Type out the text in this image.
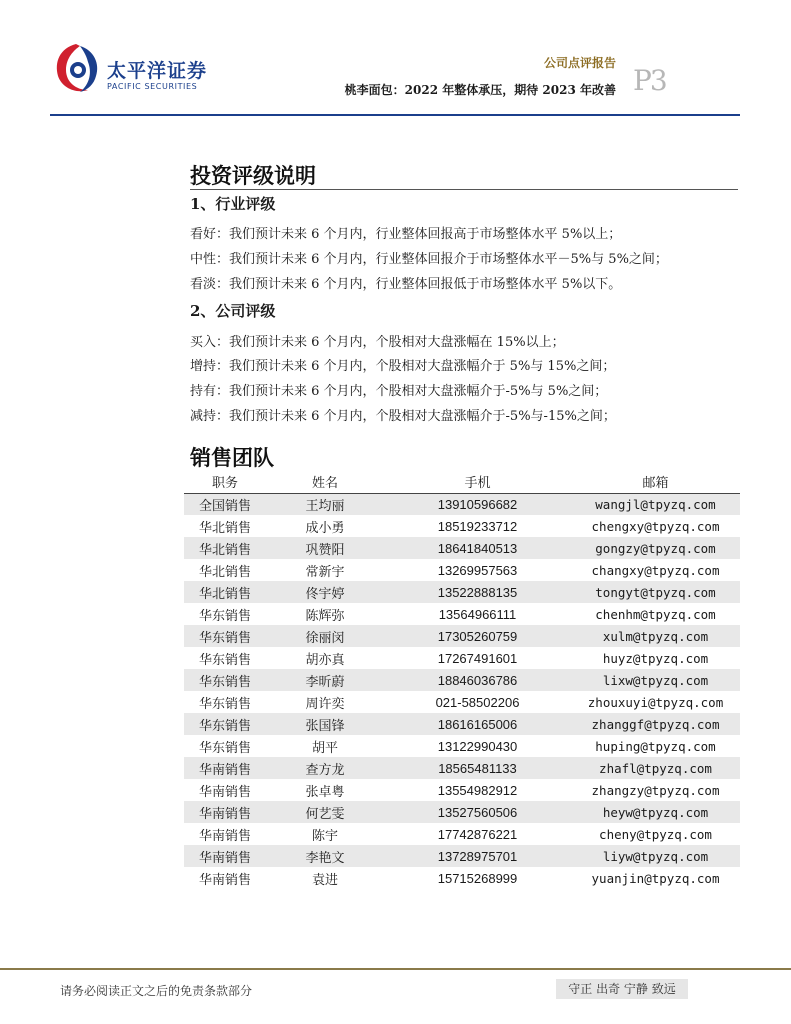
太平洋证券
PACIFIC SECURITIES
公司点评报告
桃李面包：2022 年整体承压，期待 2023 年改善 P3
投资评级说明
1、行业评级
看好：我们预计未来 6 个月内，行业整体回报高于市场整体水平 5%以上；
中性：我们预计未来 6 个月内，行业整体回报介于市场整体水平－5%与 5%之间；
看淡：我们预计未来 6 个月内，行业整体回报低于市场整体水平 5%以下。
2、公司评级
买入：我们预计未来 6 个月内，个股相对大盘涨幅在 15%以上；
增持：我们预计未来 6 个月内，个股相对大盘涨幅介于 5%与 15%之间；
持有：我们预计未来 6 个月内，个股相对大盘涨幅介于-5%与 5%之间；
减持：我们预计未来 6 个月内，个股相对大盘涨幅介于-5%与-15%之间；
销售团队
职务	姓名	手机	邮箱
全国销售	王均丽	13910596682	wangjl@tpyzq.com
华北销售	成小勇	18519233712	chengxy@tpyzq.com
华北销售	巩赞阳	18641840513	gongzy@tpyzq.com
华北销售	常新宇	13269957563	changxy@tpyzq.com
华北销售	佟宇婷	13522888135	tongyt@tpyzq.com
华东销售	陈辉弥	13564966111	chenhm@tpyzq.com
华东销售	徐丽闵	17305260759	xulm@tpyzq.com
华东销售	胡亦真	17267491601	huyz@tpyzq.com
华东销售	李昕蔚	18846036786	lixw@tpyzq.com
华东销售	周许奕	021-58502206	zhouxuyi@tpyzq.com
华东销售	张国锋	18616165006	zhanggf@tpyzq.com
华东销售	胡平	13122990430	huping@tpyzq.com
华南销售	查方龙	18565481133	zhafl@tpyzq.com
华南销售	张卓粤	13554982912	zhangzy@tpyzq.com
华南销售	何艺雯	13527560506	heyw@tpyzq.com
华南销售	陈宇	17742876221	cheny@tpyzq.com
华南销售	李艳文	13728975701	liyw@tpyzq.com
华南销售	袁进	15715268999	yuanjin@tpyzq.com
请务必阅读正文之后的免责条款部分	守正 出奇 宁静 致远
